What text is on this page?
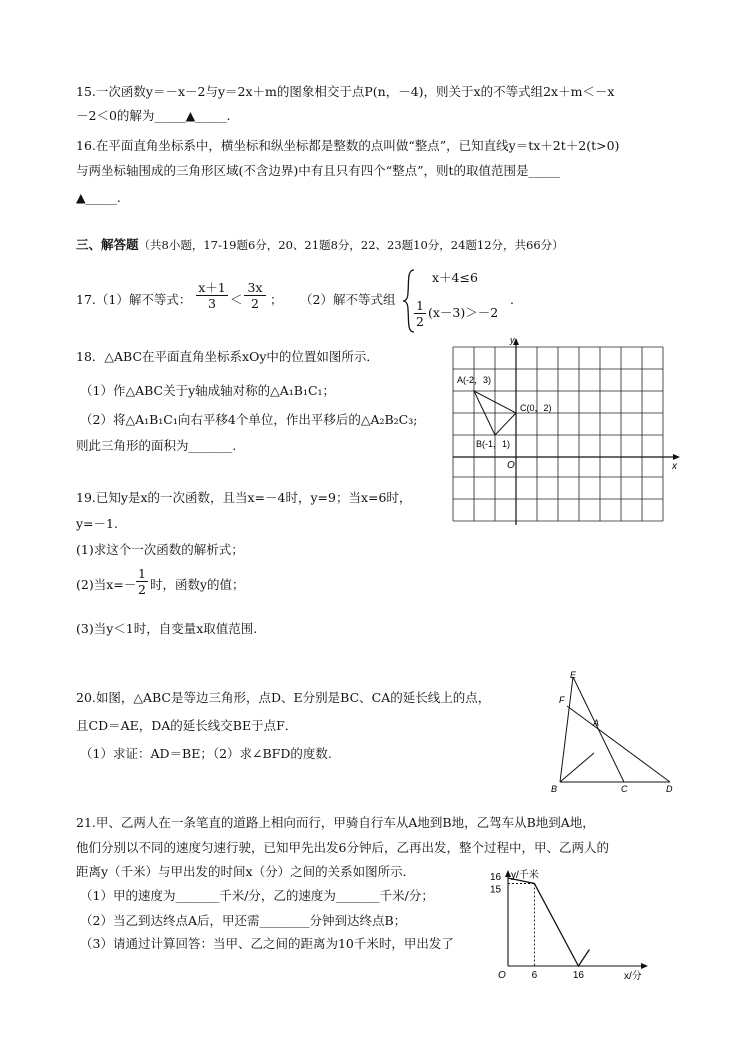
15.一次函数y＝－x－2与y＝2x＋m的图象相交于点P(n，－4)，则关于x的不等式组2x＋m＜－x
－2＜0的解为_____▲_____.
16.在平面直角坐标系中，横坐标和纵坐标都是整数的点叫做“整点”，已知直线y＝tx＋2t＋2(t>0)
与两坐标轴围成的三角形区域(不含边界)中有且只有四个“整点”，则t的取值范围是_____
▲_____.
三、解答题（共8小题，17-19题6分，20、21题8分，22、23题10分，24题12分，共66分）
17.（1）解不等式： $\frac{x+1}{3} < \frac{3x}{2}$ ； （2）解不等式组
x＋4≤6
$\frac{1}{2} (x-3)>-2$
.
18．△ABC在平面直角坐标系xOy中的位置如图所示．
（1）作△ABC关于y轴成轴对称的△A₁B₁C₁；
（2）将△A₁B₁C₁向右平移4个单位，作出平移后的△A₂B₂C₃;
则此三角形的面积为_______.
A(-2，3)
B(-1，1)
C(0，2)
O	x
y
19.已知y是x的一次函数，且当x=－4时，y=9；当x=6时，
y=－1.
(1)求这个一次函数的解析式；
(2)当$x=- \frac{1}{2}$ 时，函数y的值；
(3)当y＜1时，自变量x取值范围.
20.如图，△ABC是等边三角形，点D、E分别是BC、CA的延长线上的点，
且CD＝AE，DA的延长线交BE于点F．
（1）求证：AD＝BE；（2）求∠BFD的度数.
E
F
A
B	C	D
21.甲、乙两人在一条笔直的道路上相向而行，甲骑自行车从A地到B地，乙驾车从B地到A地，
他们分别以不同的速度匀速行驶，已知甲先出发6分钟后，乙再出发，整个过程中，甲、乙两人的
距离y（千米）与甲出发的时间x（分）之间的关系如图所示．
（1）甲的速度为_______千米/分，乙的速度为_______千米/分；
（2）当乙到达终点A后，甲还需________分钟到达终点B；
（3）请通过计算回答：当甲、乙之间的距离为10千米时，甲出发了
y/千米
x/分
O	6	16
16
15
